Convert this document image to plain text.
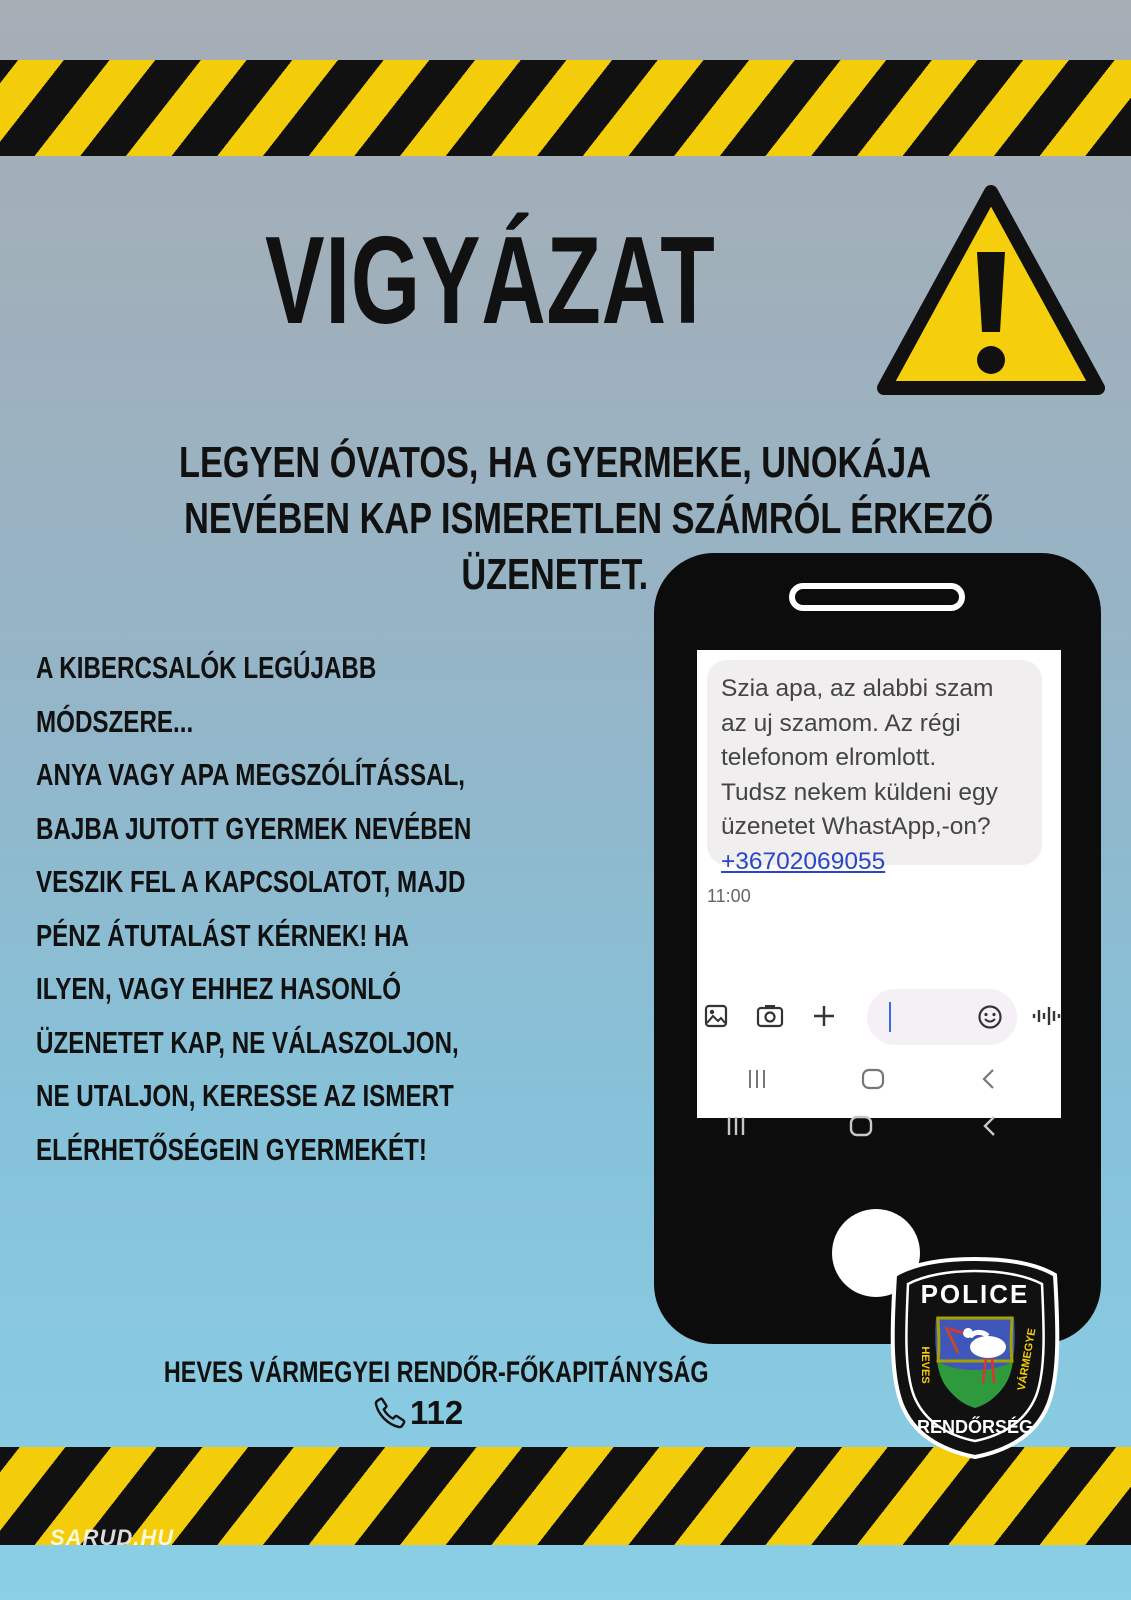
VIGYÁZAT
LEGYEN ÓVATOS, HA GYERMEKE, UNOKÁJA
NEVÉBEN KAP ISMERETLEN SZÁMRÓL ÉRKEZŐ
ÜZENETET.
A KIBERCSALÓK LEGÚJABB
MÓDSZERE...
ANYA VAGY APA MEGSZÓLÍTÁSSAL,
BAJBA JUTOTT GYERMEK NEVÉBEN
VESZIK FEL A KAPCSOLATOT, MAJD
PÉNZ ÁTUTALÁST KÉRNEK! HA
ILYEN, VAGY EHHEZ HASONLÓ
ÜZENETET KAP, NE VÁLASZOLJON,
NE UTALJON, KERESSE AZ ISMERT
ELÉRHETŐSÉGEIN GYERMEKÉT!
Szia apa, az alabbi szam
az uj szamom. Az régi
telefonom elromlott.
Tudsz nekem küldeni egy
üzenetet WhastApp,-on?
+36702069055
11:00
POLICE
RENDŐRSÉG
HEVES	VÁRMEGYE
HEVES VÁRMEGYEI RENDŐR-FŐKAPITÁNYSÁG
112
SARUD.HU
